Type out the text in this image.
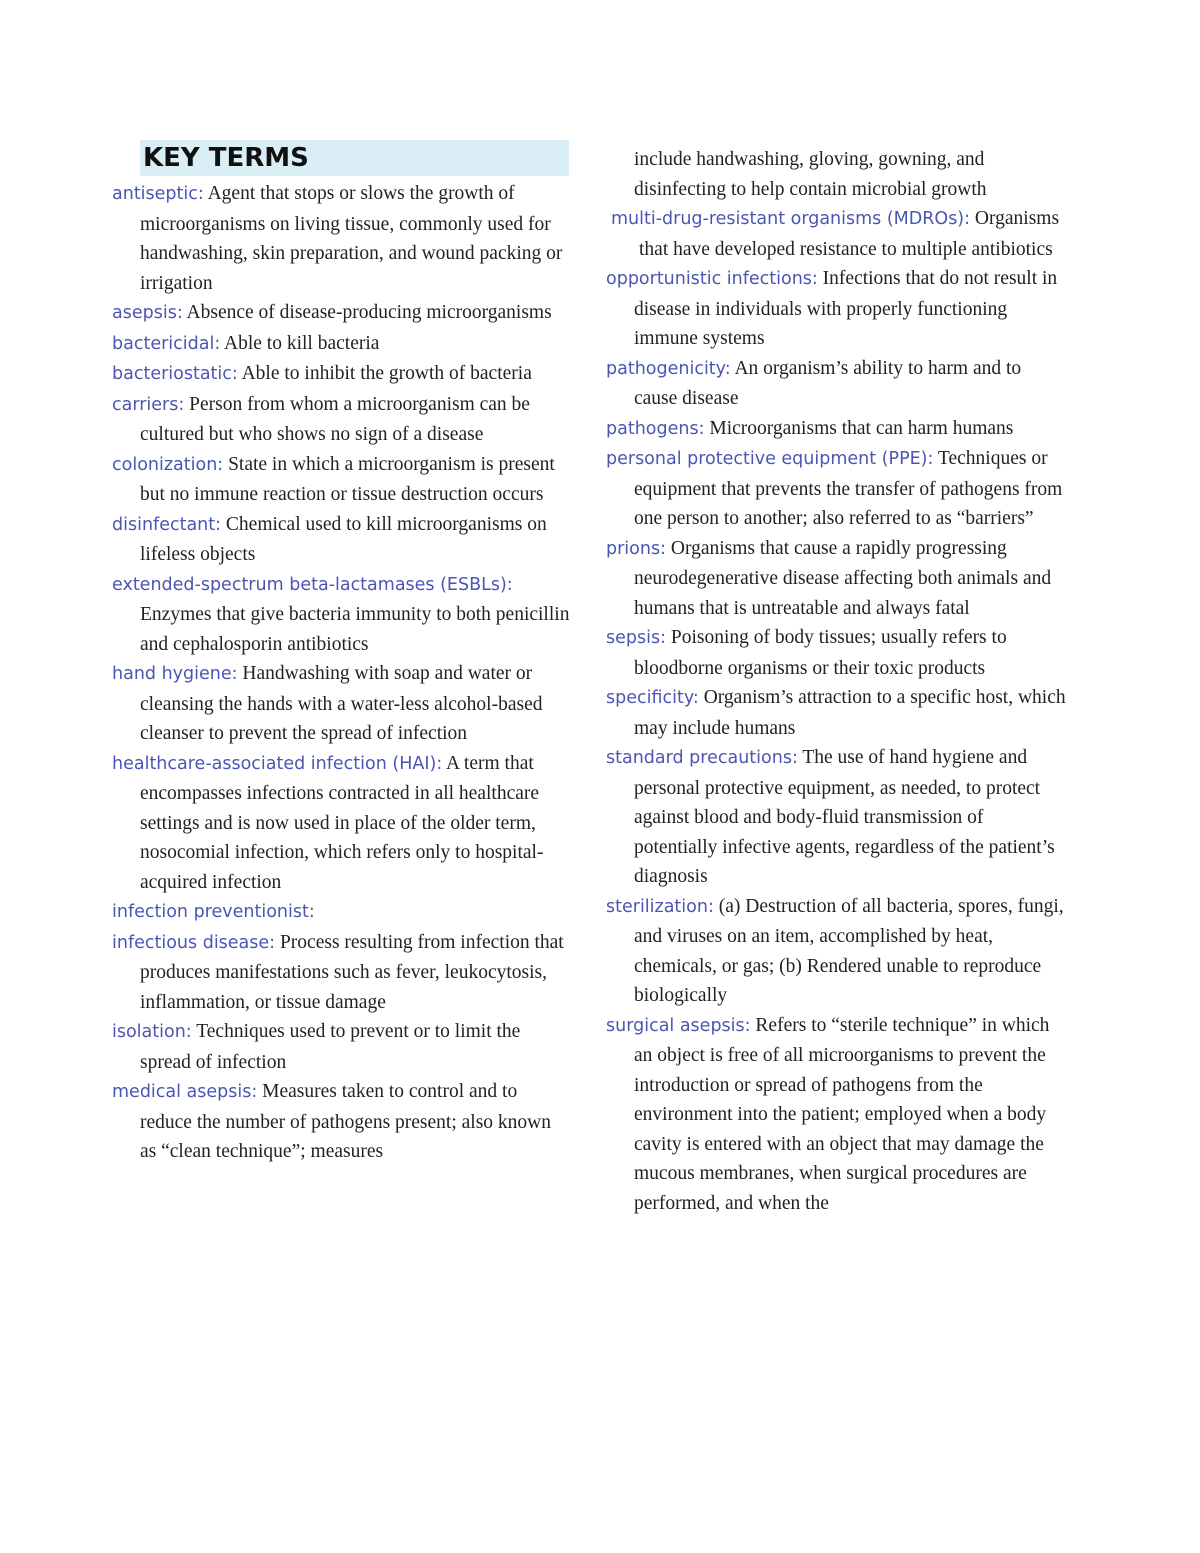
KEY TERMS
antiseptic: Agent that stops or slows the growth of microorganisms on living tissue, commonly used for handwashing, skin preparation, and wound packing or irrigation
asepsis: Absence of disease-producing microorganisms
bactericidal: Able to kill bacteria
bacteriostatic: Able to inhibit the growth of bacteria
carriers: Person from whom a microorganism can be cultured but who shows no sign of a disease
colonization: State in which a microorganism is present but no immune reaction or tissue destruction occurs
disinfectant: Chemical used to kill microorganisms on lifeless objects
extended-spectrum beta-lactamases (ESBLs): Enzymes that give bacteria immunity to both penicillin and cephalosporin antibiotics
hand hygiene: Handwashing with soap and water or cleansing the hands with a water-less alcohol-based cleanser to prevent the spread of infection
healthcare-associated infection (HAI): A term that encompasses infections contracted in all healthcare settings and is now used in place of the older term, nosocomial infection, which refers only to hospital-acquired infection
infection preventionist:
infectious disease: Process resulting from infection that produces manifestations such as fever, leukocytosis, inflammation, or tissue damage
isolation: Techniques used to prevent or to limit the spread of infection
medical asepsis: Measures taken to control and to reduce the number of pathogens present; also known as “clean technique”; measures
include handwashing, gloving, gowning, and disinfecting to help contain microbial growth
multi-drug-resistant organisms (MDROs): Organisms that have developed resistance to multiple antibiotics
opportunistic infections: Infections that do not result in disease in individuals with properly functioning immune systems
pathogenicity: An organism’s ability to harm and to cause disease
pathogens: Microorganisms that can harm humans
personal protective equipment (PPE): Techniques or equipment that prevents the transfer of pathogens from one person to another; also referred to as “barriers”
prions: Organisms that cause a rapidly progressing neurodegenerative disease affecting both animals and humans that is untreatable and always fatal
sepsis: Poisoning of body tissues; usually refers to bloodborne organisms or their toxic products
specificity: Organism’s attraction to a specific host, which may include humans
standard precautions: The use of hand hygiene and personal protective equipment, as needed, to protect against blood and body-fluid transmission of potentially infective agents, regardless of the patient’s diagnosis
sterilization: (a) Destruction of all bacteria, spores, fungi, and viruses on an item, accomplished by heat, chemicals, or gas; (b) Rendered unable to reproduce biologically
surgical asepsis: Refers to “sterile technique” in which an object is free of all microorganisms to prevent the introduction or spread of pathogens from the environment into the patient; employed when a body cavity is entered with an object that may damage the mucous membranes, when surgical procedures are performed, and when the
